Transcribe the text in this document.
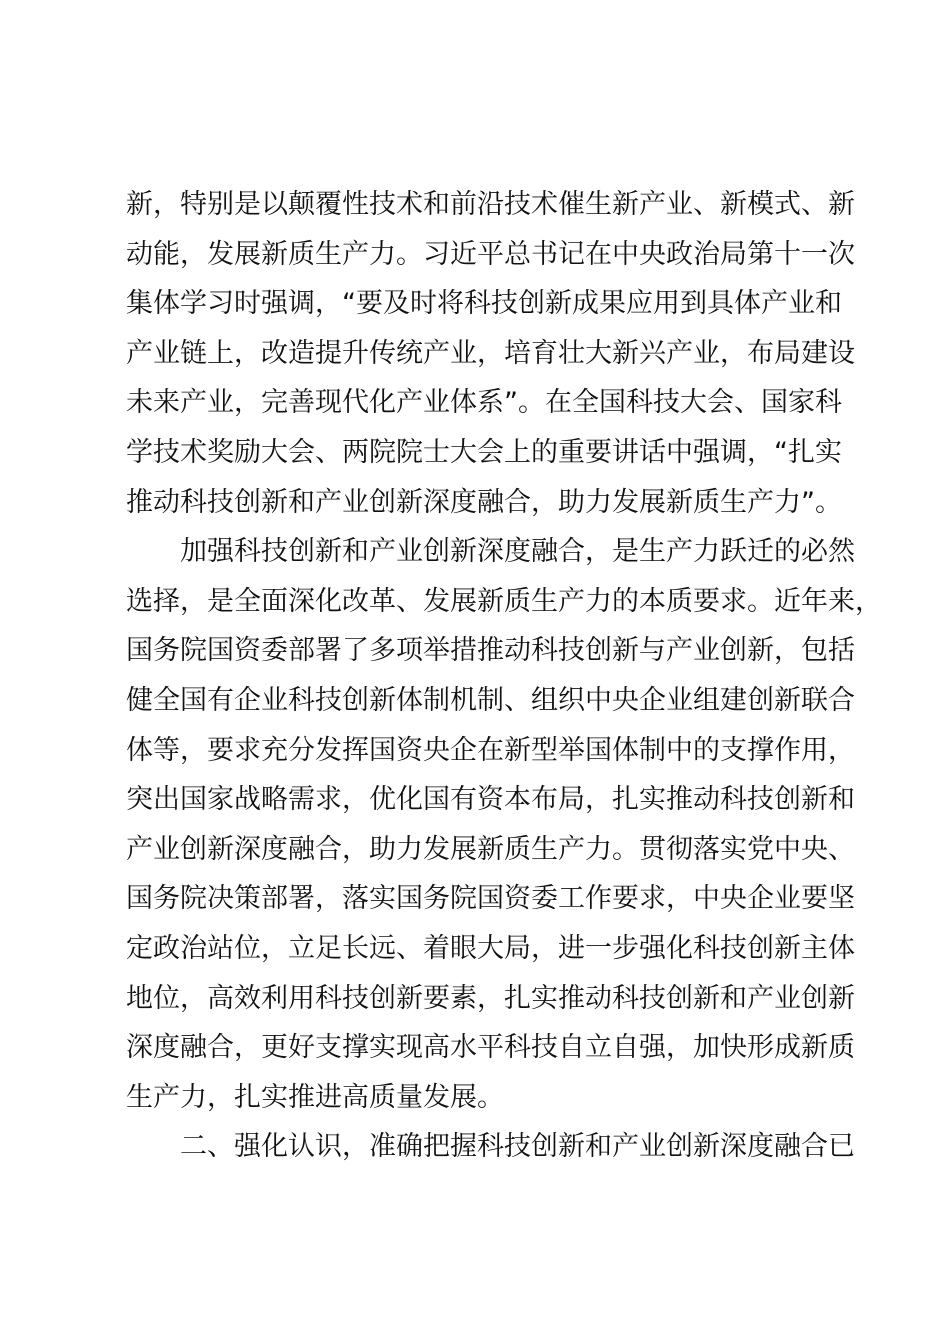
新，特别是以颠覆性技术和前沿技术催生新产业、新模式、新
动能，发展新质生产力。习近平总书记在中央政治局第十一次
集体学习时强调，“要及时将科技创新成果应用到具体产业和
产业链上，改造提升传统产业，培育壮大新兴产业，布局建设
未来产业，完善现代化产业体系”。在全国科技大会、国家科
学技术奖励大会、两院院士大会上的重要讲话中强调，“扎实
推动科技创新和产业创新深度融合，助力发展新质生产力”。
　　加强科技创新和产业创新深度融合，是生产力跃迁的必然
选择，是全面深化改革、发展新质生产力的本质要求。近年来，
国务院国资委部署了多项举措推动科技创新与产业创新，包括
健全国有企业科技创新体制机制、组织中央企业组建创新联合
体等，要求充分发挥国资央企在新型举国体制中的支撑作用，
突出国家战略需求，优化国有资本布局，扎实推动科技创新和
产业创新深度融合，助力发展新质生产力。贯彻落实党中央、
国务院决策部署，落实国务院国资委工作要求，中央企业要坚
定政治站位，立足长远、着眼大局，进一步强化科技创新主体
地位，高效利用科技创新要素，扎实推动科技创新和产业创新
深度融合，更好支撑实现高水平科技自立自强，加快形成新质
生产力，扎实推进高质量发展。
　　二、强化认识，准确把握科技创新和产业创新深度融合已
